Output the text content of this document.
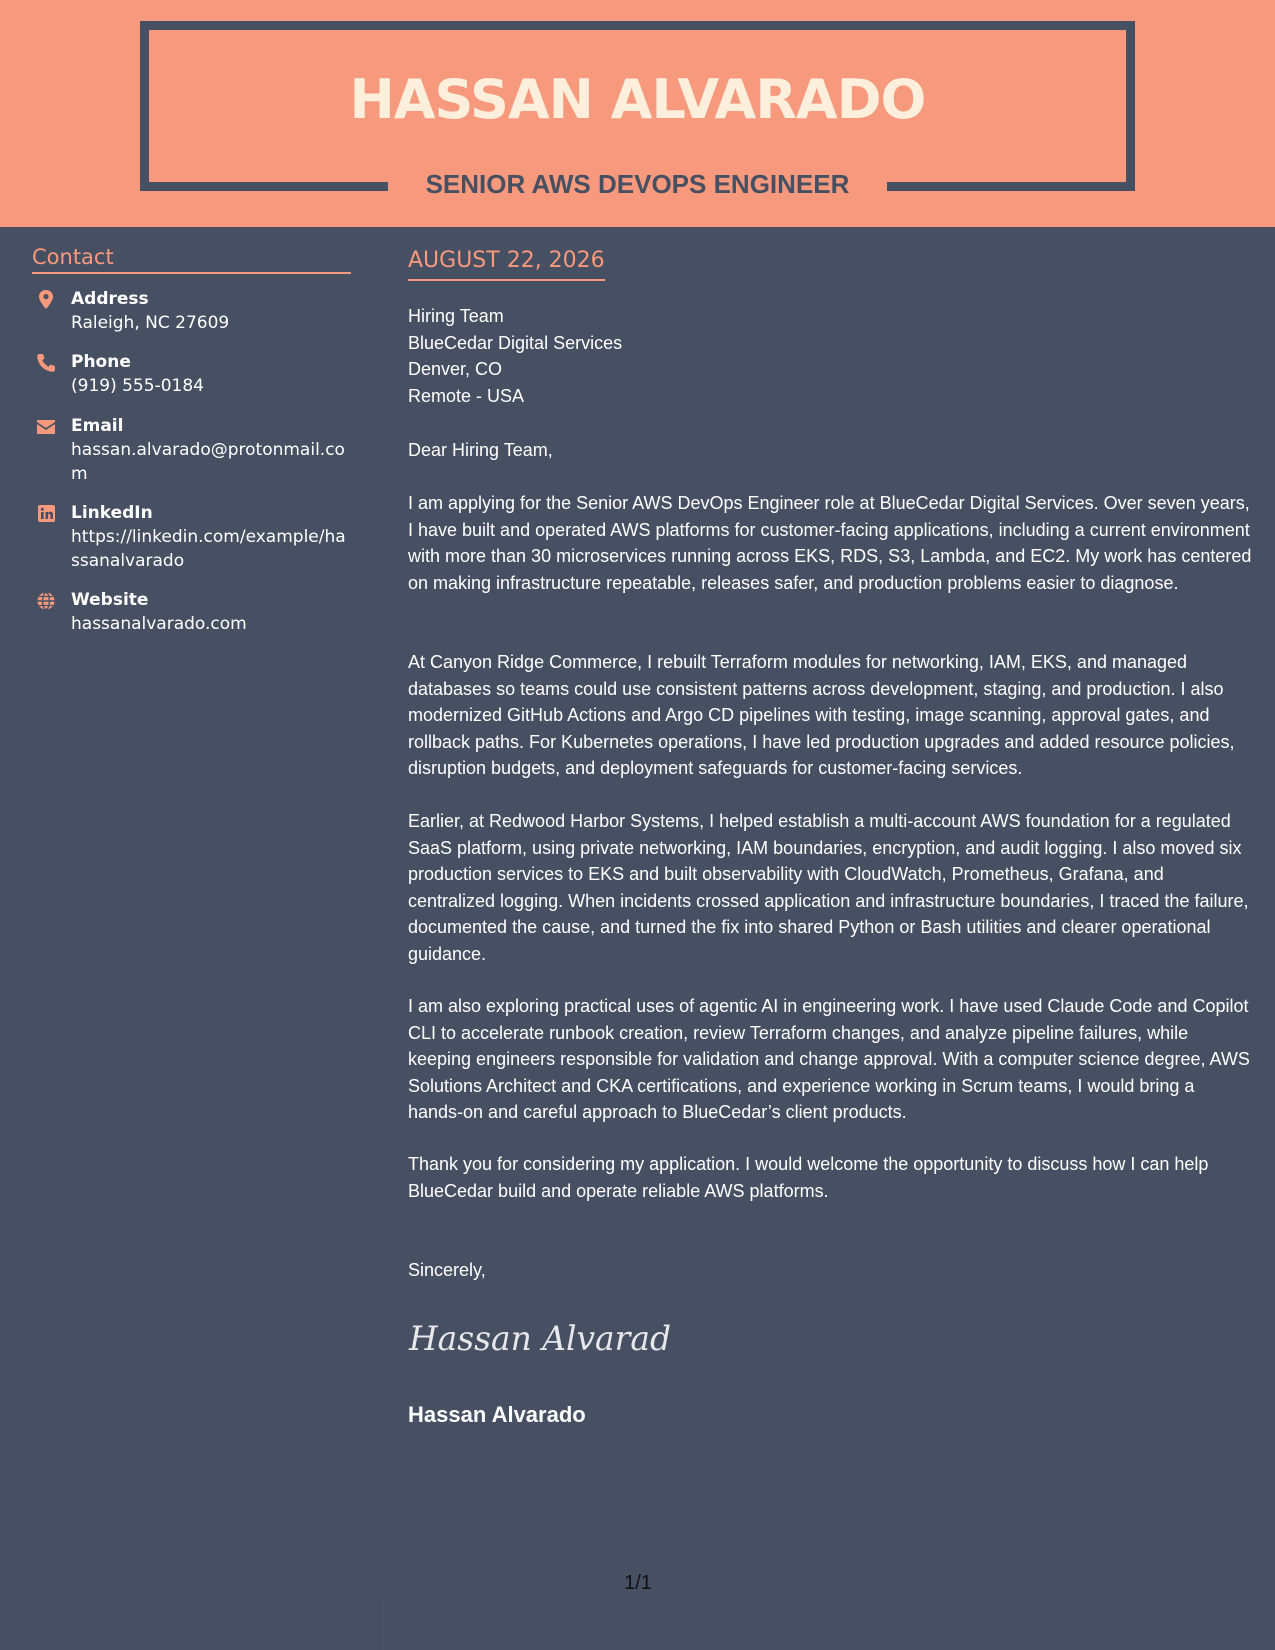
HASSAN ALVARADO
SENIOR AWS DEVOPS ENGINEER
Contact
Address
Raleigh, NC 27609
Phone
(919) 555-0184
Email
hassan.alvarado@protonmail.com
LinkedIn
https://linkedin.com/example/hassanalvarado
Website
hassanalvarado.com
AUGUST 22, 2026
Hiring Team
BlueCedar Digital Services
Denver, CO
Remote - USA
Dear Hiring Team,
I am applying for the Senior AWS DevOps Engineer role at BlueCedar Digital Services. Over seven years, I have built and operated AWS platforms for customer-facing applications, including a current environment with more than 30 microservices running across EKS, RDS, S3, Lambda, and EC2. My work has centered on making infrastructure repeatable, releases safer, and production problems easier to diagnose.
At Canyon Ridge Commerce, I rebuilt Terraform modules for networking, IAM, EKS, and managed databases so teams could use consistent patterns across development, staging, and production. I also modernized GitHub Actions and Argo CD pipelines with testing, image scanning, approval gates, and rollback paths. For Kubernetes operations, I have led production upgrades and added resource policies, disruption budgets, and deployment safeguards for customer-facing services.
Earlier, at Redwood Harbor Systems, I helped establish a multi-account AWS foundation for a regulated SaaS platform, using private networking, IAM boundaries, encryption, and audit logging. I also moved six production services to EKS and built observability with CloudWatch, Prometheus, Grafana, and centralized logging. When incidents crossed application and infrastructure boundaries, I traced the failure, documented the cause, and turned the fix into shared Python or Bash utilities and clearer operational guidance.
I am also exploring practical uses of agentic AI in engineering work. I have used Claude Code and Copilot CLI to accelerate runbook creation, review Terraform changes, and analyze pipeline failures, while keeping engineers responsible for validation and change approval. With a computer science degree, AWS Solutions Architect and CKA certifications, and experience working in Scrum teams, I would bring a hands-on and careful approach to BlueCedar’s client products.
Thank you for considering my application. I would welcome the opportunity to discuss how I can help BlueCedar build and operate reliable AWS platforms.
Sincerely,
Hassan Alvarad
Hassan Alvarado
1/1
